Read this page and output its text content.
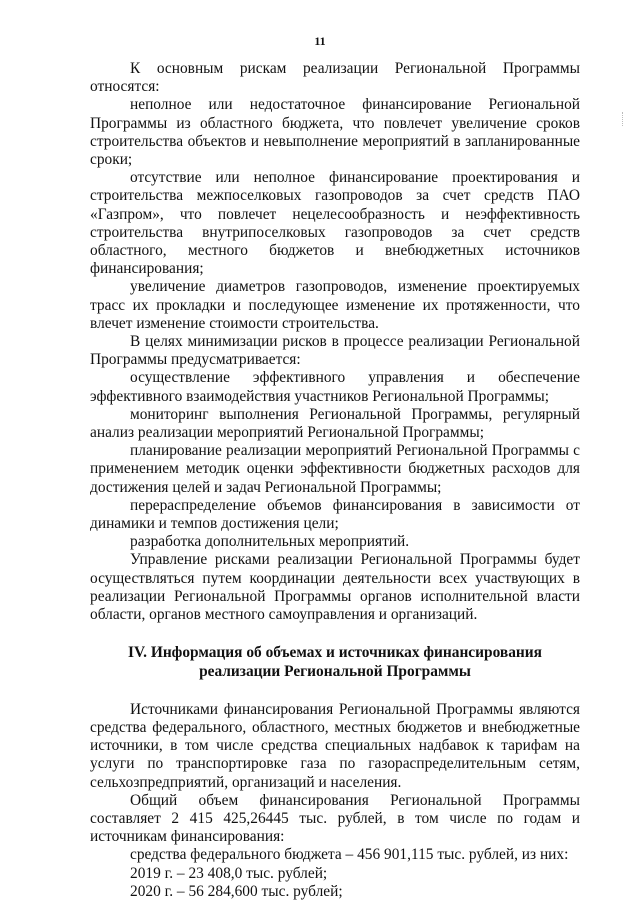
11

К основным рискам реализации Региональной Программы относятся:

неполное или недостаточное финансирование Региональной Программы из областного бюджета, что повлечет увеличение сроков строительства объектов и невыполнение мероприятий в запланированные сроки;

отсутствие или неполное финансирование проектирования и строительства межпоселковых газопроводов за счет средств ПАО «Газпром», что повлечет нецелесообразность и неэффективность строительства внутрипоселковых газопроводов за счет средств областного, местного бюджетов и внебюджетных источников финансирования;

увеличение диаметров газопроводов, изменение проектируемых трасс их прокладки и последующее изменение их протяженности, что влечет изменение стоимости строительства.

В целях минимизации рисков в процессе реализации Региональной Программы предусматривается:

осуществление эффективного управления и обеспечение эффективного взаимодействия участников Региональной Программы;

мониторинг выполнения Региональной Программы, регулярный анализ реализации мероприятий Региональной Программы;

планирование реализации мероприятий Региональной Программы с применением методик оценки эффективности бюджетных расходов для достижения целей и задач Региональной Программы;

перераспределение объемов финансирования в зависимости от динамики и темпов достижения цели;

разработка дополнительных мероприятий.

Управление рисками реализации Региональной Программы будет осуществляться путем координации деятельности всех участвующих в реализации Региональной Программы органов исполнительной власти области, органов местного самоуправления и организаций.

IV. Информация об объемах и источниках финансирования
реализации Региональной Программы

Источниками финансирования Региональной Программы являются средства федерального, областного, местных бюджетов и внебюджетные источники, в том числе средства специальных надбавок к тарифам на услуги по транспортировке газа по газораспределительным сетям, сельхозпредприятий, организаций и населения.

Общий объем финансирования Региональной Программы составляет 2 415 425,26445 тыс. рублей, в том числе по годам и источникам финансирования:

средства федерального бюджета – 456 901,115 тыс. рублей, из них:

2019 г. – 23 408,0 тыс. рублей;

2020 г. – 56 284,600 тыс. рублей;
